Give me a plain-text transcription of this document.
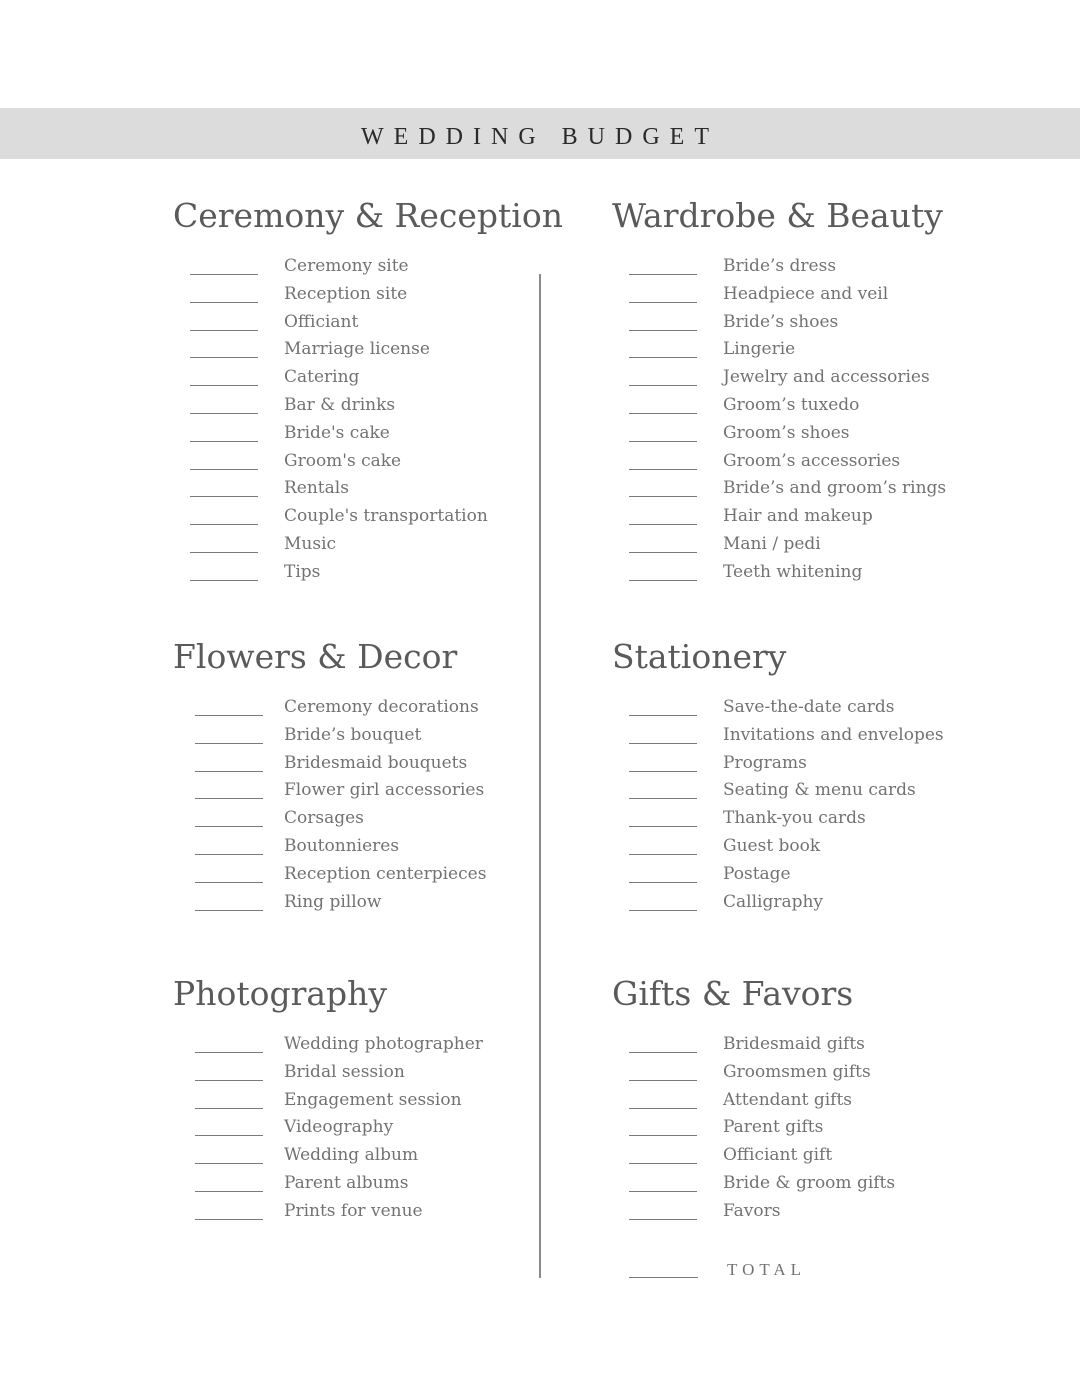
WEDDING BUDGET
Ceremony & Reception
Ceremony site
Reception site
Officiant
Marriage license
Catering
Bar & drinks
Bride's cake
Groom's cake
Rentals
Couple's transportation
Music
Tips
Wardrobe & Beauty
Bride’s dress
Headpiece and veil
Bride’s shoes
Lingerie
Jewelry and accessories
Groom’s tuxedo
Groom’s shoes
Groom’s accessories
Bride’s and groom’s rings
Hair and makeup
Mani / pedi
Teeth whitening
Flowers & Decor
Ceremony decorations
Bride’s bouquet
Bridesmaid bouquets
Flower girl accessories
Corsages
Boutonnieres
Reception centerpieces
Ring pillow
Stationery
Save-the-date cards
Invitations and envelopes
Programs
Seating & menu cards
Thank-you cards
Guest book
Postage
Calligraphy
Photography
Wedding photographer
Bridal session
Engagement session
Videography
Wedding album
Parent albums
Prints for venue
Gifts & Favors
Bridesmaid gifts
Groomsmen gifts
Attendant gifts
Parent gifts
Officiant gift
Bride & groom gifts
Favors
TOTAL
